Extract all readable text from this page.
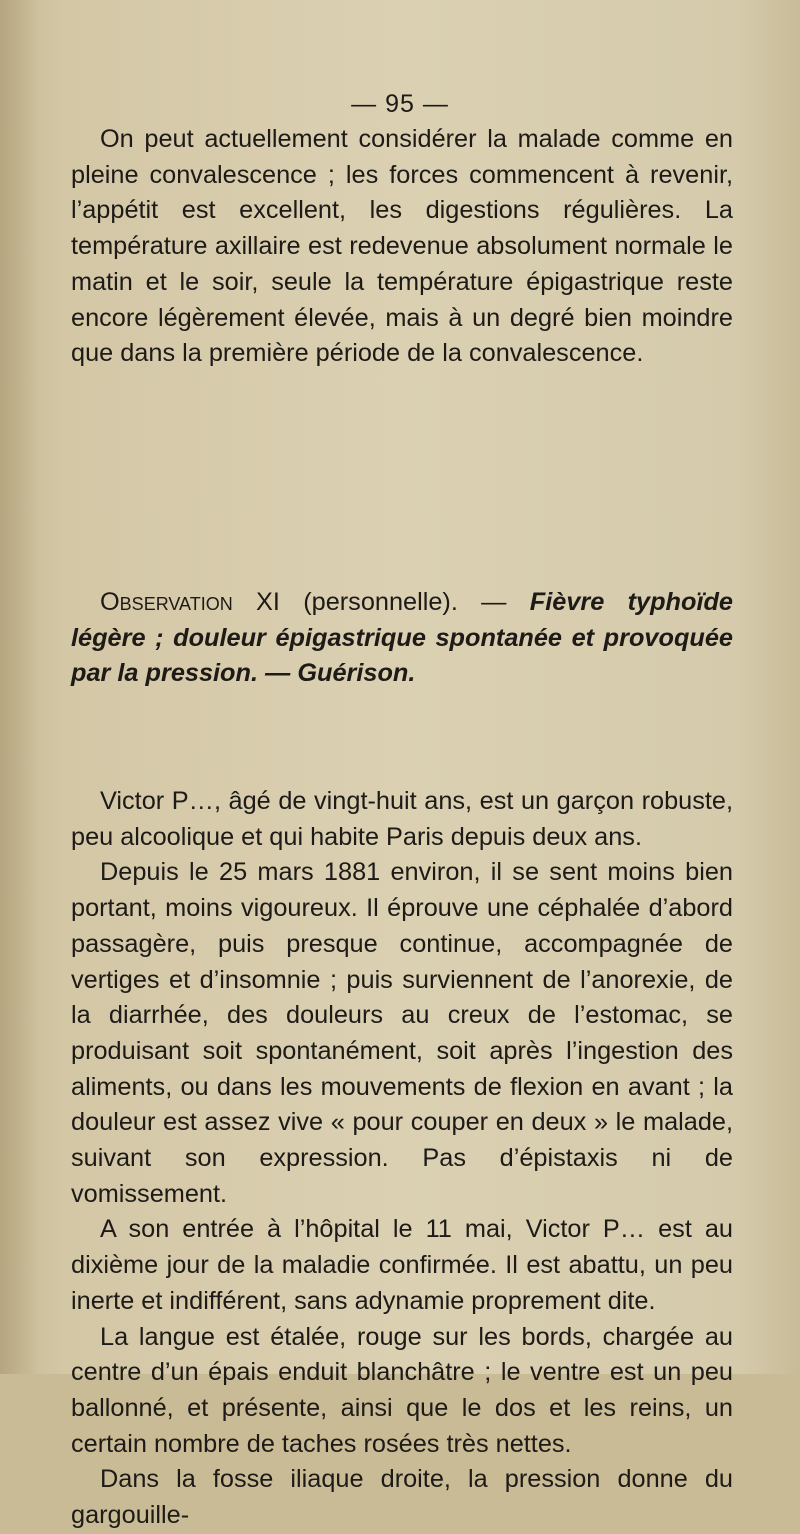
— 95 —

On peut actuellement considérer la malade comme en pleine convalescence ; les forces commencent à revenir, l’appétit est excellent, les digestions régulières. La température axillaire est redevenue absolument normale le matin et le soir, seule la température épigastrique reste encore légèrement élevée, mais à un degré bien moindre que dans la première période de la convalescence.

Observation XI (personnelle). — Fièvre typhoïde légère ; douleur épigastrique spontanée et provoquée par la pression. — Guérison.

Victor P…, âgé de vingt-huit ans, est un garçon robuste, peu alcoolique et qui habite Paris depuis deux ans.

Depuis le 25 mars 1881 environ, il se sent moins bien portant, moins vigoureux. Il éprouve une céphalée d’abord passagère, puis presque continue, accompagnée de vertiges et d’insomnie ; puis surviennent de l’anorexie, de la diarrhée, des douleurs au creux de l’estomac, se produisant soit spontanément, soit après l’ingestion des aliments, ou dans les mouvements de flexion en avant ; la douleur est assez vive « pour couper en deux » le malade, suivant son expression. Pas d’épistaxis ni de vomissement.

A son entrée à l’hôpital le 11 mai, Victor P… est au dixième jour de la maladie confirmée. Il est abattu, un peu inerte et indifférent, sans adynamie proprement dite.

La langue est étalée, rouge sur les bords, chargée au centre d’un épais enduit blanchâtre ; le ventre est un peu ballonné, et présente, ainsi que le dos et les reins, un certain nombre de taches rosées très nettes.

Dans la fosse iliaque droite, la pression donne du gargouille-
